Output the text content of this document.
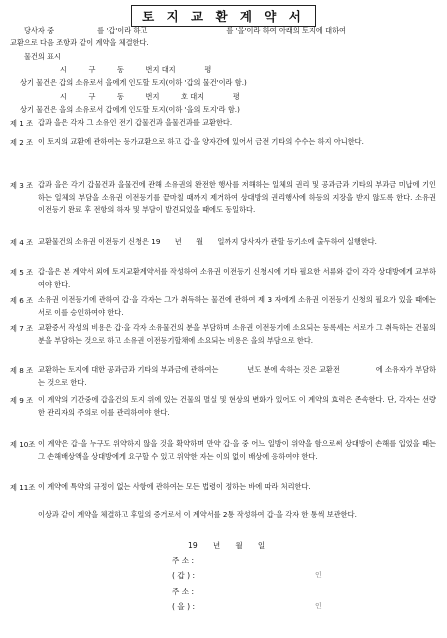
토 지 교 환 계 약 서
당사자 중　　　　　　를 '갑'이라 하고　　　　　　　　　　　를 '을'이라 하여 아래의 토지에 대하여
교환으로 다음 조항과 같이 계약을 체결한다.
물건의 표시
시　　　구　　　동　　　번지 대지　　　　평
상기 물건은 갑의 소유로서 을에게 인도할 토지(이하 '갑의 물건'이라 함.)
시　　　구　　　동　　　번지　　　호 대지　　　　평
상기 물건은 을의 소유로서 갑에게 인도할 토지(이하 '을의 토지'라 함.)
제 1 조 갑과 을은 각자 그 소유인 전기 갑물건과 을물건과를 교환한다.
제 2 조 이 토지의 교환에 관하여는 등가교환으로 하고 갑·을 양자간에 있어서 금전 기타의 수수는 하지 아니한다.
제 3 조 갑과 을은 각기 갑물건과 을물건에 관해 소유권의 완전한 행사를 저해하는 일체의 권리 및 공과금과 기타의 부과금 미납에 기인하는 일체의 부담을 소유권 이전등기를 끝마칠 때까지 제거하여 상대방의 권리행사에 하등의 지장을 받지 않도록 한다. 소유권 이전등기 완료 후 전항의 하자 및 부담이 발견되었을 때에도 동일하다.
제 4 조 교환물건의 소유권 이전등기 신청은 19　　년　　월　　일까지 당사자가 관할 등기소에 출두하여 실행한다.
제 5 조 갑·을은 본 계약서 외에 토지교환계약서를 작성하여 소유권 이전등기 신청시에 기타 필요한 서류와 같이 각각 상대방에게 교부하여야 한다.
제 6 조 소유권 이전등기에 관하여 갑·을 각자는 그가 취득하는 물건에 관하여 제 3 자에게 소유권 이전등기 신청의 필요가 있을 때에는 서로 이를 승인하여야 한다.
제 7 조 교환증서 작성의 비용은 갑·을 각자 소유물건의 분을 부담하며 소유권 이전등기에 소요되는 등록세는 서로가 그 취득하는 건물의 분을 부담하는 것으로 하고 소유권 이전등기할채에 소요되는 비용은 을의 부담으로 한다.
제 8 조 교환하는 토지에 대한 공과금과 기타의 부과금에 관하여는　　　　년도 분에 속하는 것은 교환전　　　　　에 소유자가 부담하는 것으로 한다.
제 9 조 이 계약의 기간중에 갑을건의 토지 위에 있는 건물의 멸실 및 현상의 변화가 있어도 이 계약의 효력은 존속한다. 단, 각자는 선량한 관리자의 주의로 이를 관리하여야 한다.
제 10조 이 계약은 갑·을 누구도 위약하지 않을 것을 확약하며 만약 갑·을 중 어느 일방이 위약을 함으로써 상대방이 손해를 입었을 때는 그 손해배상액을 상대방에게 요구할 수 있고 위약한 자는 이의 없이 배상에 응하여야 한다.
제 11조 이 계약에 특약의 규정이 없는 사항에 관하여는 모든 법령이 정하는 바에 따라 처리한다.
이상과 같이 계약을 체결하고 후일의 증거로서 이 계약서를 2통 작성하여 갑·을 각자 한 통씩 보관한다.
19　　년　　월　　일
주 소 :
( 갑 ) :	인
주 소 :
( 을 ) :	인
